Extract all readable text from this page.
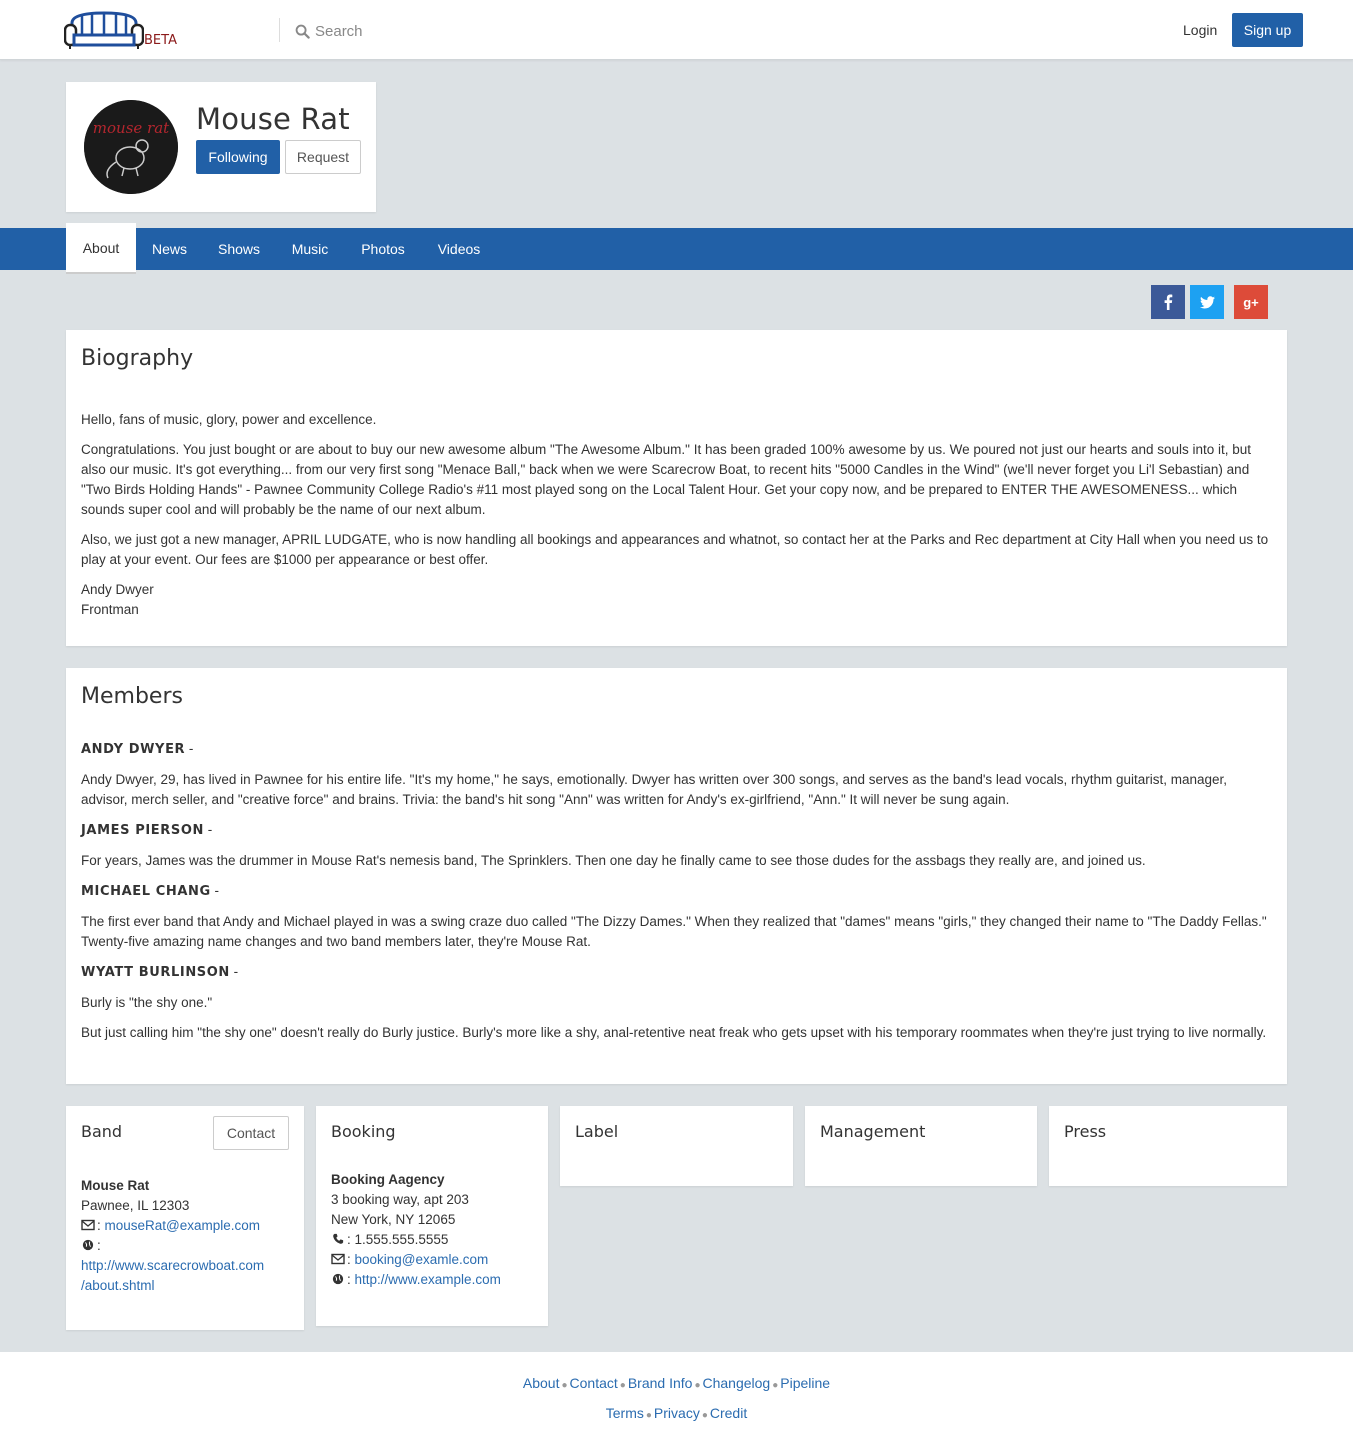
BETA
Search
Login	Sign up
mouse rat Mouse Rat
Following	Request
About	News	Shows	Music	Photos	Videos
g+
Biography

Hello, fans of music, glory, power and excellence.

Congratulations. You just bought or are about to buy our new awesome album "The Awesome Album." It has been graded 100% awesome by us. We poured not just our hearts and souls into it, but also our music. It's got everything... from our very first song "Menace Ball," back when we were Scarecrow Boat, to recent hits "5000 Candles in the Wind" (we'll never forget you Li'l Sebastian) and "Two Birds Holding Hands" - Pawnee Community College Radio's #11 most played song on the Local Talent Hour. Get your copy now, and be prepared to ENTER THE AWESOMENESS... which sounds super cool and will probably be the name of our next album.

Also, we just got a new manager, APRIL LUDGATE, who is now handling all bookings and appearances and whatnot, so contact her at the Parks and Rec department at City Hall when you need us to play at your event. Our fees are $1000 per appearance or best offer.

Andy Dwyer
Frontman
Members

ANDY DWYER -

Andy Dwyer, 29, has lived in Pawnee for his entire life. "It's my home," he says, emotionally. Dwyer has written over 300 songs, and serves as the band's lead vocals, rhythm guitarist, manager, advisor, merch seller, and "creative force" and brains. Trivia: the band's hit song "Ann" was written for Andy's ex-girlfriend, "Ann." It will never be sung again.

JAMES PIERSON -

For years, James was the drummer in Mouse Rat's nemesis band, The Sprinklers. Then one day he finally came to see those dudes for the assbags they really are, and joined us.

MICHAEL CHANG -

The first ever band that Andy and Michael played in was a swing craze duo called "The Dizzy Dames." When they realized that "dames" means "girls," they changed their name to "The Daddy Fellas." Twenty-five amazing name changes and two band members later, they're Mouse Rat.

WYATT BURLINSON -

Burly is "the shy one."

But just calling him "the shy one" doesn't really do Burly justice. Burly's more like a shy, anal-retentive neat freak who gets upset with his temporary roommates when they're just trying to live normally.

Band	Contact
Mouse Rat
Pawnee, IL 12303
: mouseRat@example.com
:
http://www.scarecrowboat.com
/about.shtml
Booking
Booking Aagency
3 booking way, apt 203
New York, NY 12065
: 1.555.555.5555
: booking@examle.com
: http://www.example.com
Label	Management	Press
About ● Contact ● Brand Info ● Changelog ● Pipeline
Terms ● Privacy ● Credit
